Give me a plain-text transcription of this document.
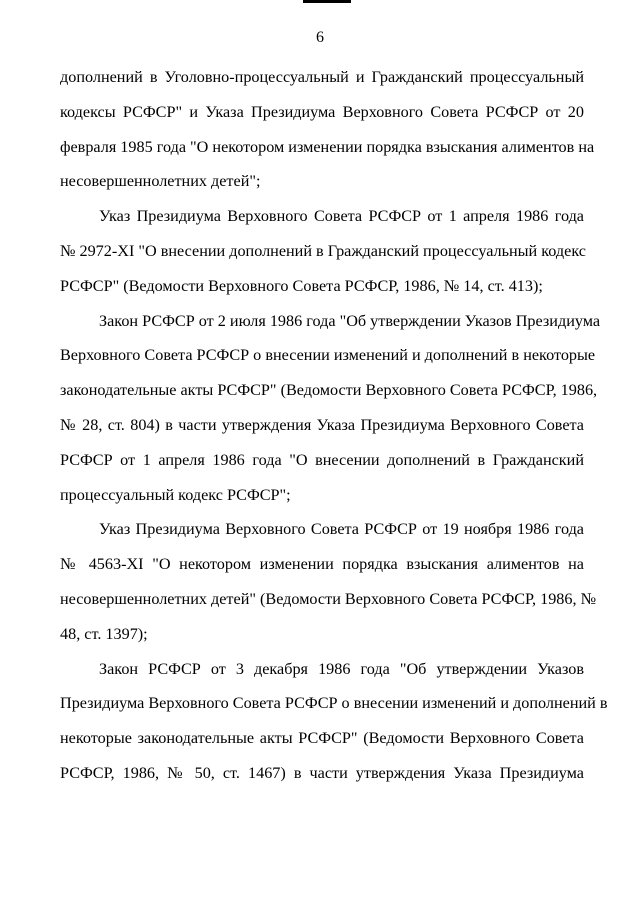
6
дополнений в Уголовно-процессуальный и Гражданский процессуальный
кодексы РСФСР" и Указа Президиума Верховного Совета РСФСР от 20
февраля 1985 года "О некотором изменении порядка взыскания алиментов на
несовершеннолетних детей";
Указ Президиума Верховного Совета РСФСР от 1 апреля 1986 года
№ 2972-XI "О внесении дополнений в Гражданский процессуальный кодекс
РСФСР" (Ведомости Верховного Совета РСФСР, 1986, № 14, ст. 413);
Закон РСФСР от 2 июля 1986 года "Об утверждении Указов Президиума
Верховного Совета РСФСР о внесении изменений и дополнений в некоторые
законодательные акты РСФСР" (Ведомости Верховного Совета РСФСР, 1986,
№ 28, ст. 804) в части утверждения Указа Президиума Верховного Совета
РСФСР от 1 апреля 1986 года "О внесении дополнений в Гражданский
процессуальный кодекс РСФСР";
Указ Президиума Верховного Совета РСФСР от 19 ноября 1986 года
№ 4563-XI "О некотором изменении порядка взыскания алиментов на
несовершеннолетних детей" (Ведомости Верховного Совета РСФСР, 1986, №
48, ст. 1397);
Закон РСФСР от 3 декабря 1986 года "Об утверждении Указов
Президиума Верховного Совета РСФСР о внесении изменений и дополнений в
некоторые законодательные акты РСФСР" (Ведомости Верховного Совета
РСФСР, 1986, № 50, ст. 1467) в части утверждения Указа Президиума
